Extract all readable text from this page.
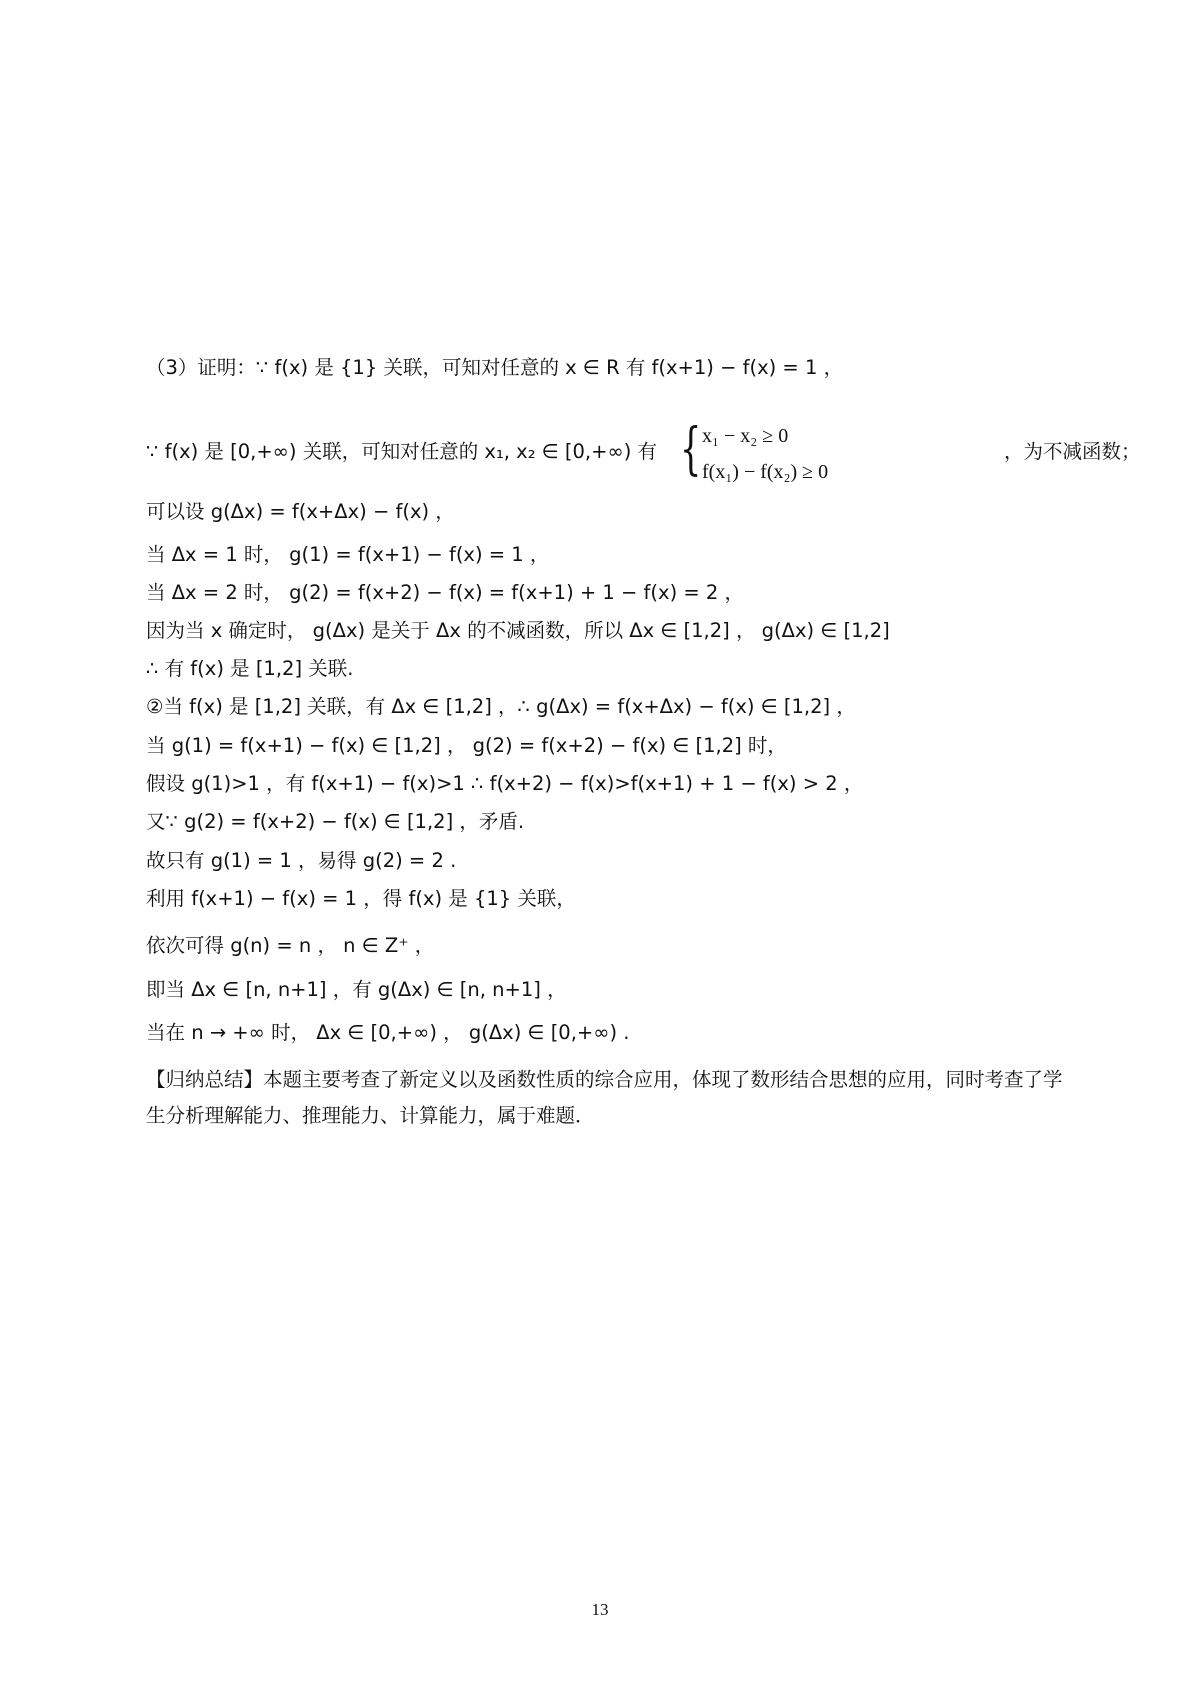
（3）证明：∵ f(x) 是 {1} 关联，可知对任意的 x ∈ R 有 f(x+1) − f(x) = 1 ，
∵ f(x) 是 [0,+∞) 关联，可知对任意的 x₁, x₂ ∈ [0,+∞) 有 { x₁ − x₂ ≥ 0
f(x₁) − f(x₂) ≥ 0
，为不减函数；
可以设 g(Δx) = f(x+Δx) − f(x) ，
当 Δx = 1 时， g(1) = f(x+1) − f(x) = 1 ，
当 Δx = 2 时， g(2) = f(x+2) − f(x) = f(x+1) + 1 − f(x) = 2 ，
因为当 x 确定时， g(Δx) 是关于 Δx 的不减函数，所以 Δx ∈ [1,2] ， g(Δx) ∈ [1,2]
∴ 有 f(x) 是 [1,2] 关联.
②当 f(x) 是 [1,2] 关联，有 Δx ∈ [1,2] ，∴ g(Δx) = f(x+Δx) − f(x) ∈ [1,2] ，
当 g(1) = f(x+1) − f(x) ∈ [1,2] ， g(2) = f(x+2) − f(x) ∈ [1,2] 时，
假设 g(1)>1 ，有 f(x+1) − f(x)>1 ∴ f(x+2) − f(x)>f(x+1) + 1 − f(x) > 2 ，
又∵ g(2) = f(x+2) − f(x) ∈ [1,2] ，矛盾.
故只有 g(1) = 1 ，易得 g(2) = 2 .
利用 f(x+1) − f(x) = 1 ，得 f(x) 是 {1} 关联，
依次可得 g(n) = n ， n ∈ Z⁺ ，
即当 Δx ∈ [n, n+1] ，有 g(Δx) ∈ [n, n+1] ，
当在 n → +∞ 时， Δx ∈ [0,+∞) ， g(Δx) ∈ [0,+∞) .
【归纳总结】本题主要考查了新定义以及函数性质的综合应用，体现了数形结合思想的应用，同时考查了学生分析理解能力、推理能力、计算能力，属于难题．
13
